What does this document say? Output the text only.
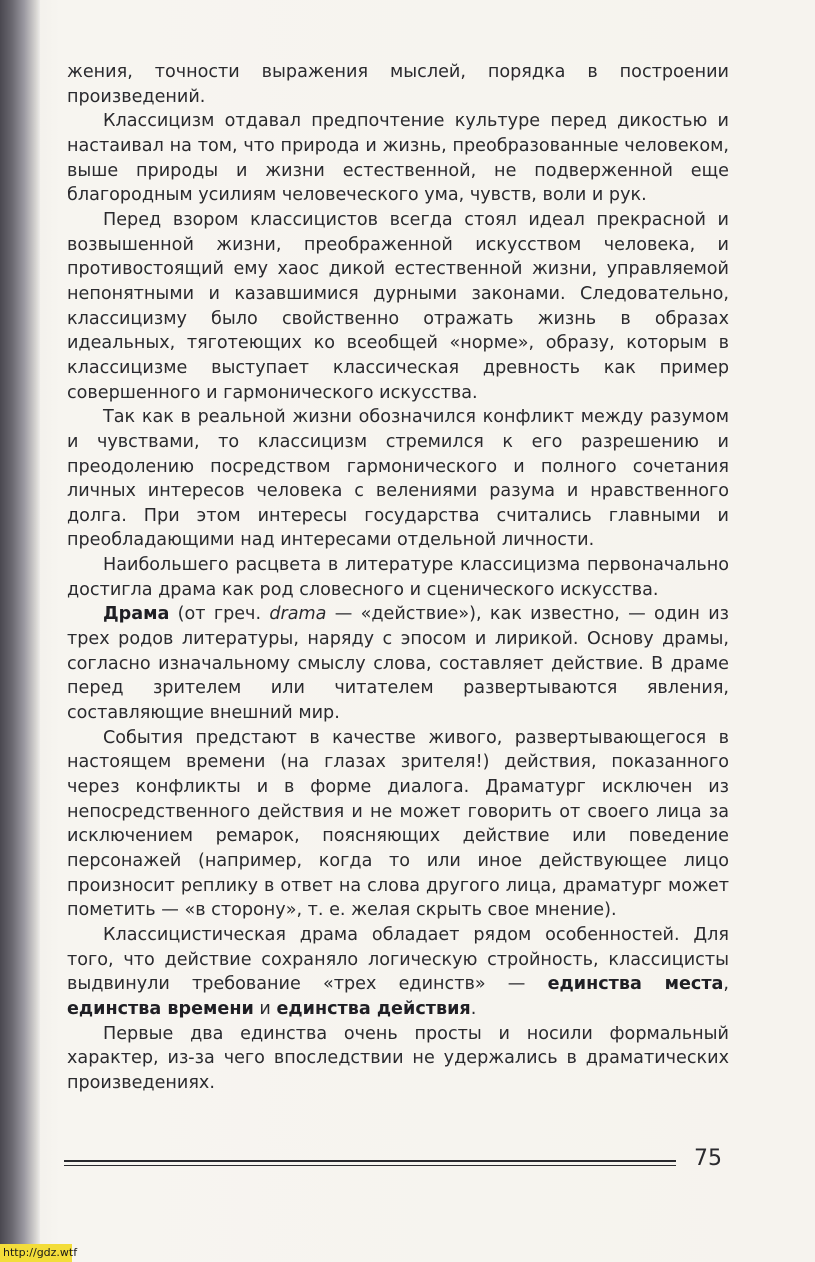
жения, точности выражения мыслей, порядка в построении произведений.

Классицизм отдавал предпочтение культуре перед дикостью и настаивал на том, что природа и жизнь, преобразованные человеком, выше природы и жизни естественной, не подверженной еще благородным усилиям человеческого ума, чувств, воли и рук.

Перед взором классицистов всегда стоял идеал прекрасной и возвышенной жизни, преображенной искусством человека, и противостоящий ему хаос дикой естественной жизни, управляемой непонятными и казавшимися дурными законами. Следовательно, классицизму было свойственно отражать жизнь в образах идеальных, тяготеющих ко всеобщей «норме», образу, которым в классицизме выступает классическая древность как пример совершенного и гармонического искусства.

Так как в реальной жизни обозначился конфликт между разумом и чувствами, то классицизм стремился к его разрешению и преодолению посредством гармонического и полного сочетания личных интересов человека с велениями разума и нравственного долга. При этом интересы государства считались главными и преобладающими над интересами отдельной личности.

Наибольшего расцвета в литературе классицизма первоначально достигла драма как род словесного и сценического искусства.

Драма (от греч. drama — «действие»), как известно, — один из трех родов литературы, наряду с эпосом и лирикой. Основу драмы, согласно изначальному смыслу слова, составляет действие. В драме перед зрителем или читателем развертываются явления, составляющие внешний мир.

События предстают в качестве живого, развертывающегося в настоящем времени (на глазах зрителя!) действия, показанного через конфликты и в форме диалога. Драматург исключен из непосредственного действия и не может говорить от своего лица за исключением ремарок, поясняющих действие или поведение персонажей (например, когда то или иное действующее лицо произносит реплику в ответ на слова другого лица, драматург может пометить — «в сторону», т. е. желая скрыть свое мнение).

Классицистическая драма обладает рядом особенностей. Для того, что действие сохраняло логическую стройность, классицисты выдвинули требование «трех единств» — единства места, единства времени и единства действия.

Первые два единства очень просты и носили формальный характер, из-за чего впоследствии не удержались в драматических произведениях.

75
http://gdz.wtf
